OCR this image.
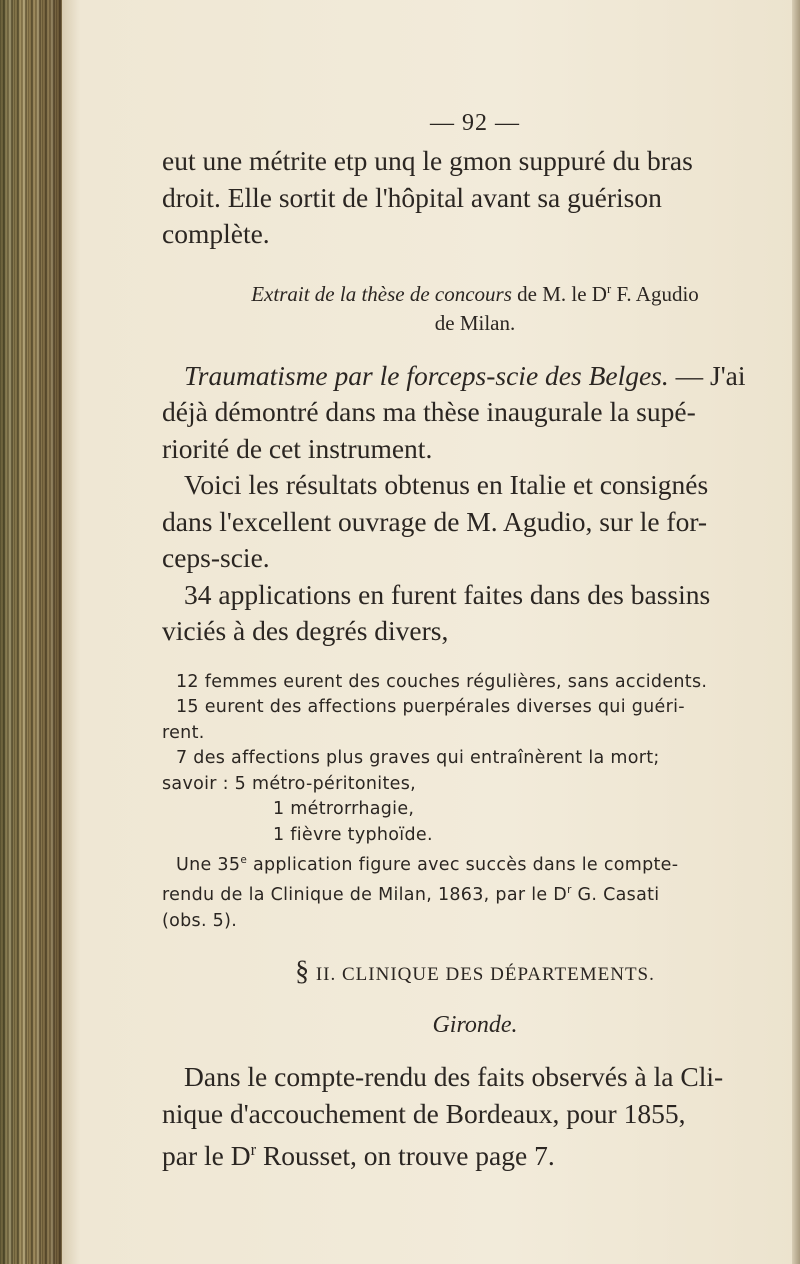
— 92 —

eut une métrite etp unq le gmon suppuré du bras
droit. Elle sortit de l'hôpital avant sa guérison
complète.

Extrait de la thèse de concours de M. le $D^r$ F. Agudio
de Milan.

Traumatisme par le forceps-scie des Belges. — J'ai
déjà démontré dans ma thèse inaugurale la supé-
riorité de cet instrument.

Voici les résultats obtenus en Italie et consignés
dans l'excellent ouvrage de M. Agudio, sur le for-
ceps-scie.

34 applications en furent faites dans des bassins
viciés à des degrés divers,

12 femmes eurent des couches régulières, sans accidents.

15 eurent des affections puerpérales diverses qui guéri-

rent.

7 des affections plus graves qui entraînèrent la mort;

savoir : 5 métro-péritonites,

1 métrorrhagie,

1 fièvre typhoïde.

Une 35e application figure avec succès dans le compte-

rendu de la Clinique de Milan, 1863, par le $D^r$ G. Casati

(obs. 5).

§ II. CLINIQUE DES DÉPARTEMENTS.
Gironde.

Dans le compte-rendu des faits observés à la Cli-
nique d'accouchement de Bordeaux, pour 1855,
par le $D^r$ Rousset, on trouve page 7.
